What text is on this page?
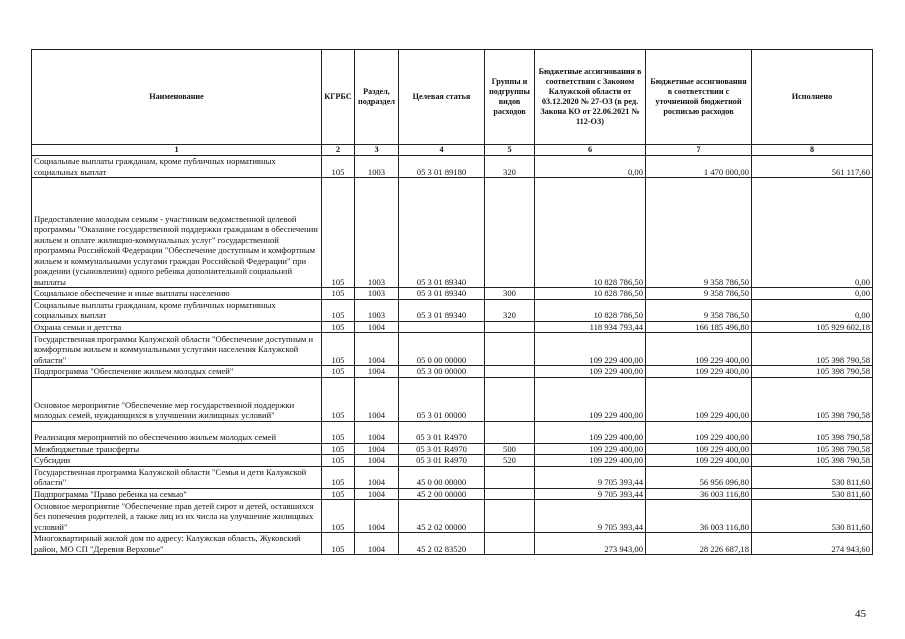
Наименование	КГРБС	Раздел, подраздел	Целевая статья	Группы и подгруппы видов расходов	Бюджетные ассигнования в соответствии с Законом Калужской области от 03.12.2020 № 27-ОЗ (в ред. Закона КО от 22.06.2021 № 112-ОЗ)	Бюджетные ассигнования в соответствии с уточненной бюджетной росписью расходов	Исполнено
1	2	3	4	5	6	7	8
Социальные выплаты гражданам, кроме публичных нормативных социальных выплат	105	1003	05 3 01 89180	320	0,00	1 470 000,00	561 117,60
Предоставление молодым семьям - участникам ведомственной целевой программы "Оказание государственной поддержки гражданам в обеспечении жильем и оплате жилищно-коммунальных услуг" государственной программы Российской Федерации "Обеспечение доступным и комфортным жильем и коммунальными услугами граждан Российской Федерации" при рождении (усыновлении) одного ребенка дополнительной социальной выплаты	105	1003	05 3 01 89340		10 828 786,50	9 358 786,50	0,00
Социальное обеспечение и иные выплаты населению	105	1003	05 3 01 89340	300	10 828 786,50	9 358 786,50	0,00
Социальные выплаты гражданам, кроме публичных нормативных социальных выплат	105	1003	05 3 01 89340	320	10 828 786,50	9 358 786,50	0,00
Охрана семьи и детства	105	1004			118 934 793,44	166 185 496,80	105 929 602,18
Государственная программа Калужской области "Обеспечение доступным и комфортным жильем и коммунальными услугами населения Калужской области"	105	1004	05 0 00 00000		109 229 400,00	109 229 400,00	105 398 790,58
Подпрограмма "Обеспечение жильем молодых семей"	105	1004	05 3 00 00000		109 229 400,00	109 229 400,00	105 398 790,58
Основное мероприятие "Обеспечение мер государственной поддержки молодых семей, нуждающихся в улучшении жилищных условий"	105	1004	05 3 01 00000		109 229 400,00	109 229 400,00	105 398 790,58
Реализация мероприятий по обеспечению жильем молодых семей	105	1004	05 3 01 R4970		109 229 400,00	109 229 400,00	105 398 790,58
Межбюджетные трансферты	105	1004	05 3 01 R4970	500	109 229 400,00	109 229 400,00	105 398 790,58
Субсидии	105	1004	05 3 01 R4970	520	109 229 400,00	109 229 400,00	105 398 790,58
Государственная программа Калужской области "Семья и дети Калужской области"	105	1004	45 0 00 00000		9 705 393,44	56 956 096,80	530 811,60
Подпрограмма "Право ребенка на семью"	105	1004	45 2 00 00000		9 705 393,44	36 003 116,80	530 811,60
Основное мероприятие "Обеспечение прав детей сирот и детей, оставшихся без попечения родителей, а также лиц из их числа на улучшение жилищных условий"	105	1004	45 2 02 00000		9 705 393,44	36 003 116,80	530 811,60
Многоквартирный жилой дом по адресу: Калужская область, Жуковский район, МО СП "Деревня Верховье"	105	1004	45 2 02 83520		273 943,00	28 226 687,18	274 943,60
45
